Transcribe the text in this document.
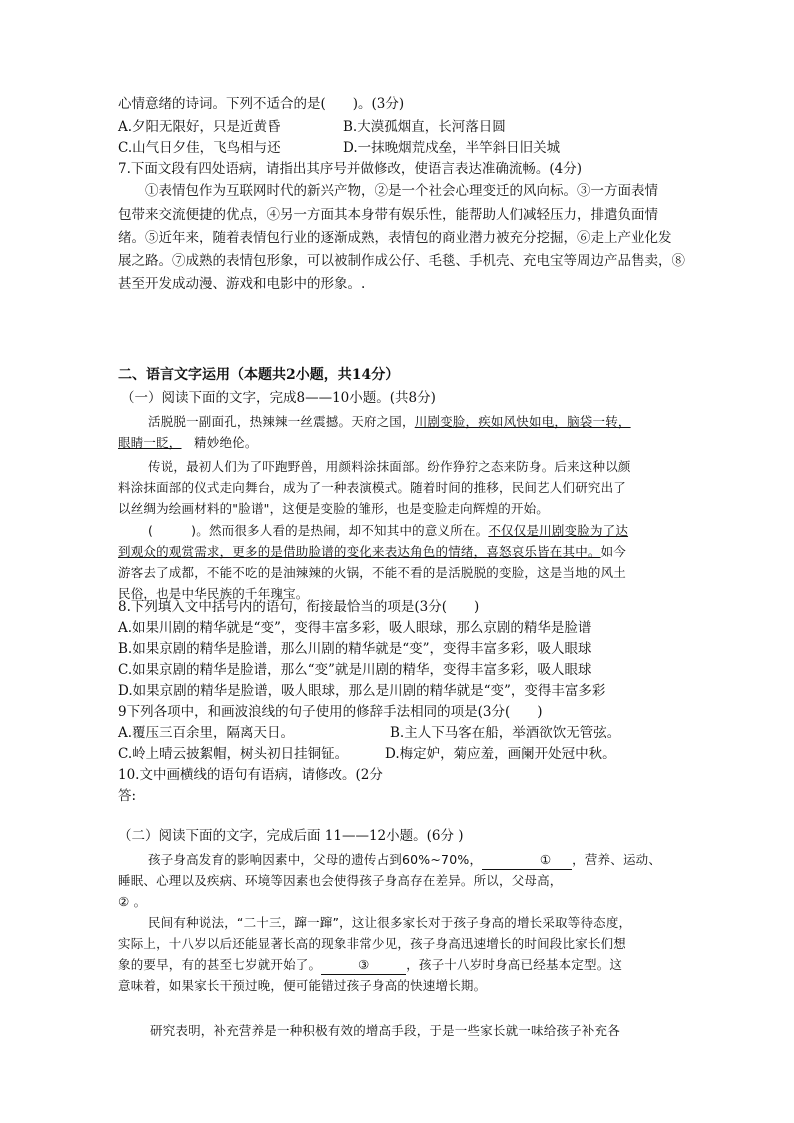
心情意绪的诗词。下列不适合的是(　　)。(3分)
A.夕阳无限好，只是近黄昏	B.大漠孤烟直，长河落日圆
C.山气日夕佳，飞鸟相与还	D.一抹晚烟荒戍垒，半竿斜日旧关城
7.下面文段有四处语病，请指出其序号并做修改，使语言表达准确流畅。(4分)
①表情包作为互联网时代的新兴产物，②是一个社会心理变迁的风向标。③一方面表情
包带来交流便捷的优点，④另一方面其本身带有娱乐性，能帮助人们减轻压力，排遣负面情
绪。⑤近年来，随着表情包行业的逐渐成熟，表情包的商业潜力被充分挖掘，⑥走上产业化发
展之路。⑦成熟的表情包形象，可以被制作成公仔、毛毯、手机壳、充电宝等周边产品售卖，⑧
甚至开发成动漫、游戏和电影中的形象。.
二、语言文字运用（本题共2小题，共14分）
（一）阅读下面的文字，完成8——10小题。(共8分)
活脱脱一副面孔，热辣辣一丝震撼。天府之国，川剧变脸，疾如风快如电，脑袋一转，
眼睛一眨， 精妙绝伦。
传说，最初人们为了吓跑野兽，用颜料涂抹面部。纷作狰狞之态来防身。后来这种以颜
料涂抹面部的仪式走向舞台，成为了一种表演模式。随着时间的推移，民间艺人们研究出了
以丝绸为绘画材料的"脸谱"，这便是变脸的雏形，也是变脸走向辉煌的开始。
(　　　)。然而很多人看的是热闹，却不知其中的意义所在。不仅仅是川剧变脸为了达
到观众的观赏需求，更多的是借助脸谱的变化来表达角色的情绪，喜怒哀乐皆在其中。如今
游客去了成都，不能不吃的是油辣辣的火锅，不能不看的是活脱脱的变脸，这是当地的风土
民俗，也是中华民族的千年瑰宝。
8.下列填入文中括号内的语句，衔接最恰当的项是(3分(　　)
A.如果川剧的精华就是“变”，变得丰富多彩，吸人眼球，那么京剧的精华是脸谱
B.如果京剧的精华是脸谱，那么川剧的精华就是“变”，变得丰富多彩，吸人眼球
C.如果京剧的精华是脸谱，那么“变”就是川剧的精华，变得丰富多彩，吸人眼球
D.如果京剧的精华是脸谱，吸人眼球，那么是川剧的精华就是“变”，变得丰富多彩
9下列各项中，和画波浪线的句子使用的修辞手法相同的项是(3分(　　)
A.覆压三百余里，隔离天日。	B.主人下马客在船，举酒欲饮无管弦。
C.岭上晴云披絮帽，树头初日挂铜钲。	D.梅定妒，菊应羞，画阑开处冠中秋。
10.文中画横线的语句有语病，请修改。(2分
答:
（二）阅读下面的文字，完成后面 11——12小题。(6分 )
孩子身高发育的影响因素中，父母的遗传占到60%~70%，	① ，营养、运动、
睡眠、心理以及疾病、环境等因素也会使得孩子身高存在差异。所以，父母高，
② 。
民间有种说法，“二十三，蹿一蹿”，这让很多家长对于孩子身高的增长采取等待态度，
实际上，十八岁以后还能显著长高的现象非常少见，孩子身高迅速增长的时间段比家长们想
象的要早，有的甚至七岁就开始了。	③	，孩子十八岁时身高已经基本定型。这
意味着，如果家长干预过晚，便可能错过孩子身高的快速增长期。
研究表明，补充营养是一种积极有效的增高手段，于是一些家长就一味给孩子补充各
